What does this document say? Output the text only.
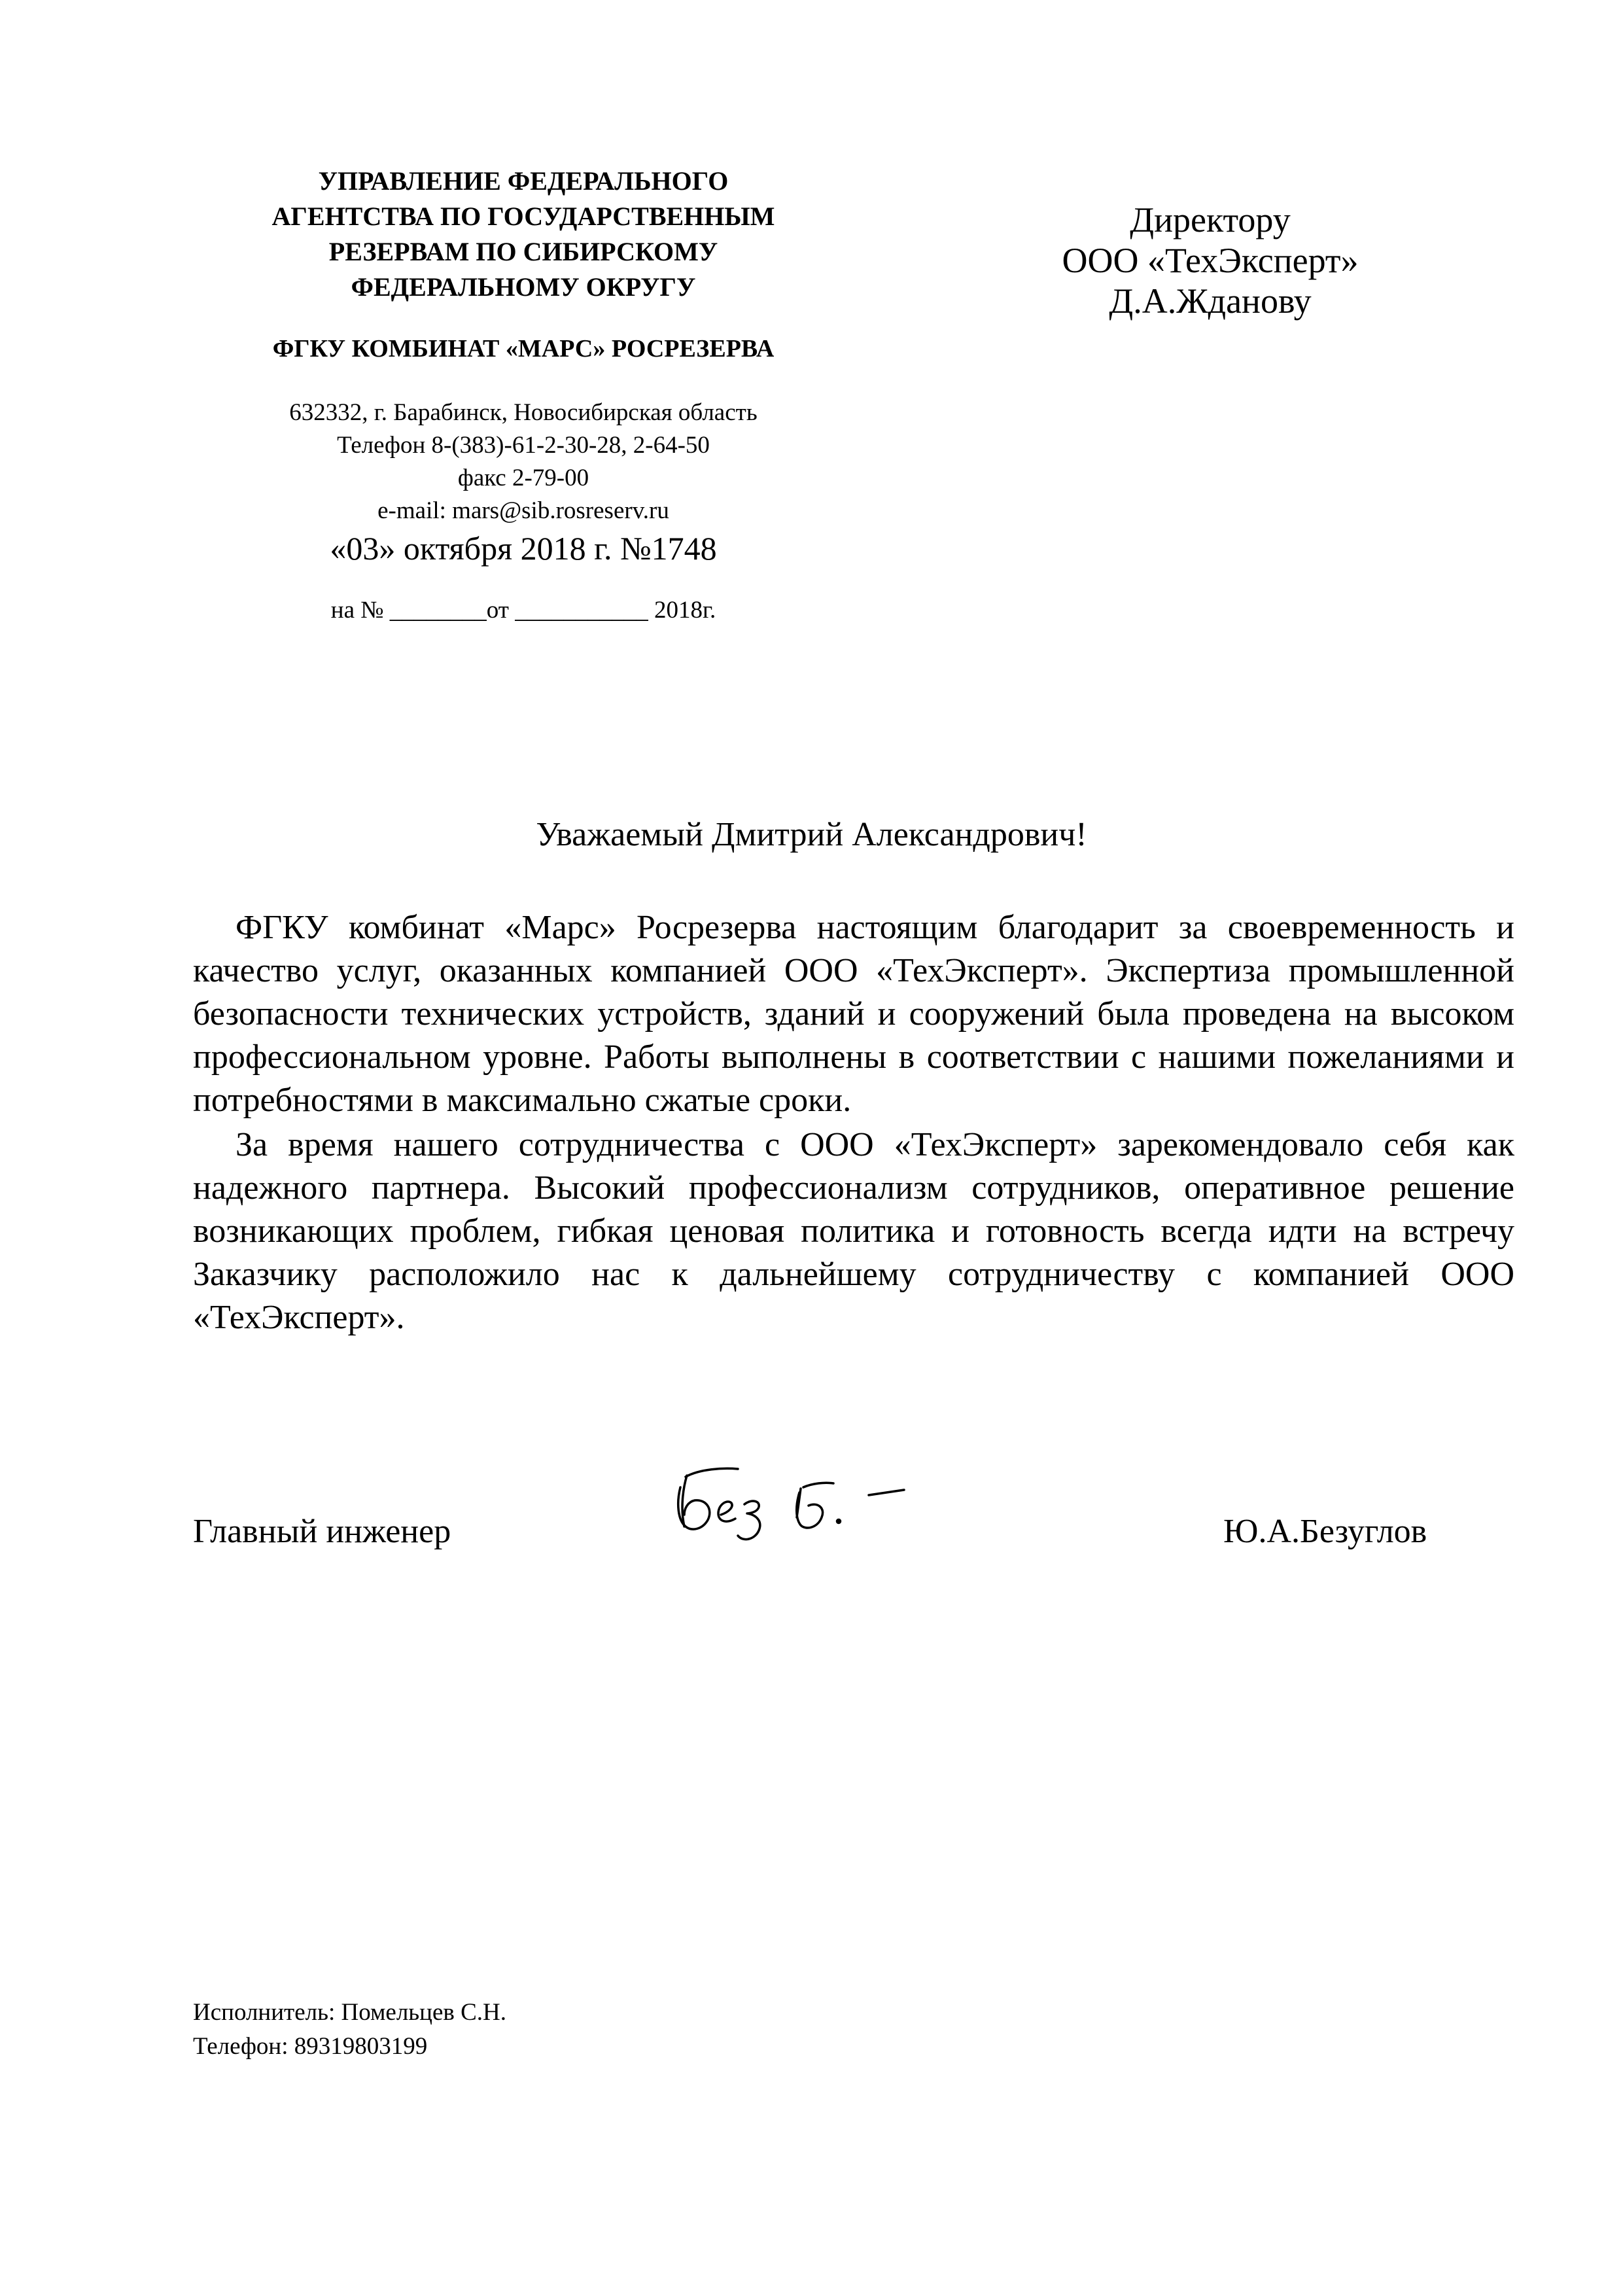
УПРАВЛЕНИЕ ФЕДЕРАЛЬНОГО
АГЕНТСТВА ПО ГОСУДАРСТВЕННЫМ
РЕЗЕРВАМ ПО СИБИРСКОМУ
ФЕДЕРАЛЬНОМУ ОКРУГУ
ФГКУ КОМБИНАТ «МАРС» РОСРЕЗЕРВА
632332, г. Барабинск, Новосибирская область
Телефон 8-(383)-61-2-30-28, 2-64-50
факс 2-79-00
e-mail: mars@sib.rosreserv.ru
«03» октября 2018 г. №1748
на № ________от ___________ 2018г.
Директору
ООО «ТехЭксперт»
Д.А.Жданову
Уважаемый Дмитрий Александрович!

ФГКУ комбинат «Марс» Росрезерва настоящим благодарит за своевременность и качество услуг, оказанных компанией ООО «ТехЭксперт». Экспертиза промышленной безопасности технических устройств, зданий и сооружений была проведена на высоком профессиональном уровне. Работы выполнены в соответствии с нашими пожеланиями и потребностями в максимально сжатые сроки.

За время нашего сотрудничества с ООО «ТехЭксперт» зарекомендовало себя как надежного партнера. Высокий профессионализм сотрудников, оперативное решение возникающих проблем, гибкая ценовая политика и готовность всегда идти на встречу Заказчику расположило нас к дальнейшему сотрудничеству с компанией ООО «ТехЭксперт».

Главный инженер	Ю.А.Безуглов
Исполнитель: Помельцев С.Н.
Телефон: 89319803199
